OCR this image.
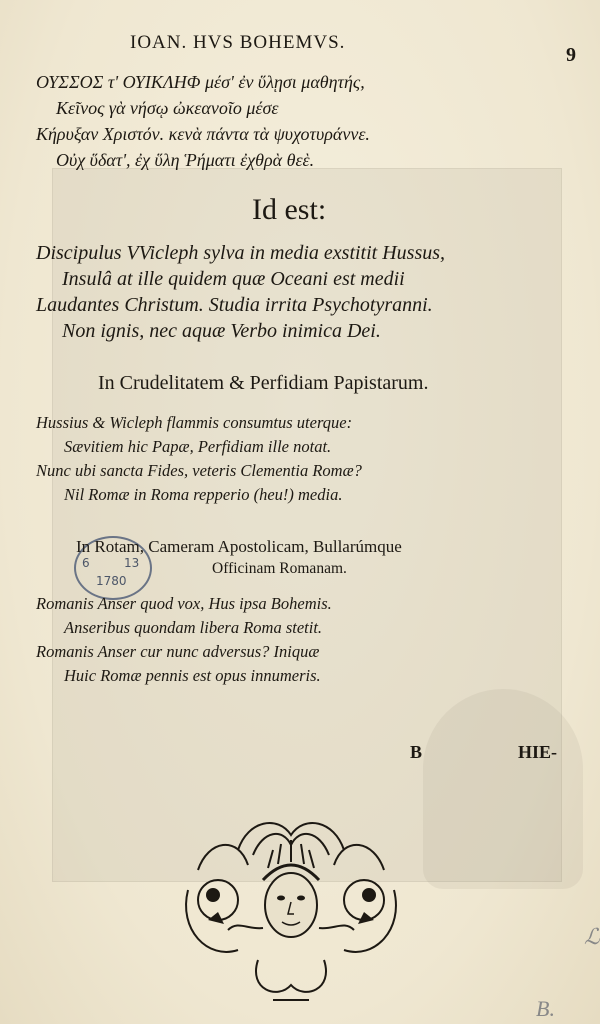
IOAN. HVS BOHEMVS.
9
ΟΥΣΣΟΣ τ' ΟΥΙΚΛΗΦ μέσ' ἐν ὕλῃσι μαθητής,
Κεῖνος γὰ νήσῳ ὠκεανοῖο μέσε
Κήρυξαν Χριστόν. κενὰ πάντα τὰ ψυχοτυράννε.
Οὐχ ὕδατ', ἐχ ὕλη Ῥήματι ἐχθρὰ θεὲ.
Id est:
Discipulus VVicleph sylva in media exstitit Hussus,
Insulâ at ille quidem quæ Oceani est medii
Laudantes Christum. Studia irrita Psychotyranni.
Non ignis, nec aquæ Verbo inimica Dei.
In Crudelitatem & Perfidiam Papistarum.
Hussius & Wicleph flammis consumtus uterque:
Sævitiem hic Papæ, Perfidiam ille notat.
Nunc ubi sancta Fides, veteris Clementia Romæ?
Nil Romæ in Roma repperio (heu!) media.
6	13
1780
In Rotam, Cameram Apostolicam, Bullarúmque
Officinam Romanam.
Romanis Anser quod vox, Hus ipsa Bohemis.
Anseribus quondam libera Roma stetit.
Romanis Anser cur nunc adversus? Iniquæ
Huic Romæ pennis est opus innumeris.
B	HIE-
ℒ
B.
